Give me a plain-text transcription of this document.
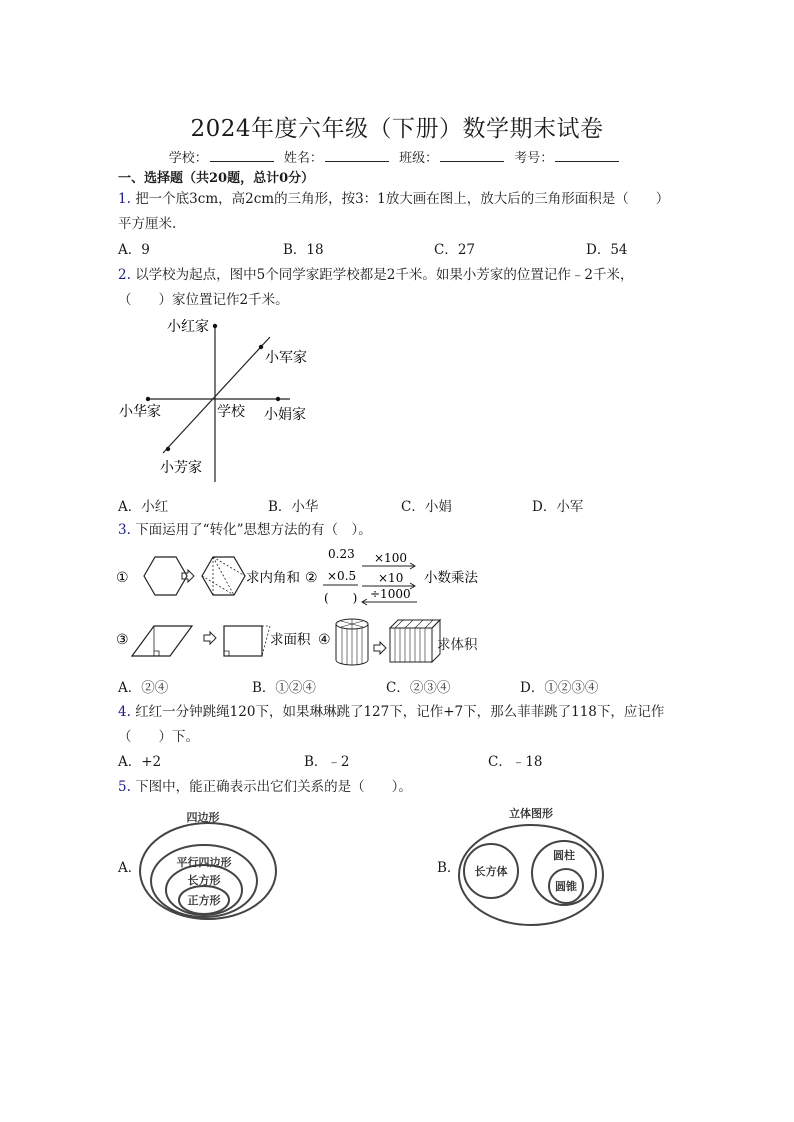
2024年度六年级（下册）数学期末试卷
学校：	姓名：	班级：	考号：
一、选择题（共20题，总计0分）
1. 把一个底3cm，高2cm的三角形，按3：1放大画在图上，放大后的三角形面积是（　　）
平方厘米.
A．9	B．18	C．27	D．54
2. 以学校为起点，图中5个同学家距学校都是2千米。如果小芳家的位置记作﹣2千米，
（　　）家位置记作2千米。
小红家
小军家
小华家	学校 小娟家
小芳家
A．小红	B．小华	C．小娟	D．小军
3. 下面运用了“转化”思想方法的有（　）。
①	求内角和 ②
0.23
×0.5
(　　)
×100
×10
÷1000
小数乘法
③	求面积 ④	求体积
A．②④	B．①②④	C．②③④	D．①②③④
4. 红红一分钟跳绳120下，如果琳琳跳了127下，记作+7下，那么菲菲跳了118下，应记作
（　　）下。
A．+2	B．﹣2	C．﹣18
5. 下图中，能正确表示出它们关系的是（　　）。
A．
四边形
平行四边形
长方形
正方形
B．
立体图形
长方体
圆柱
圆锥
